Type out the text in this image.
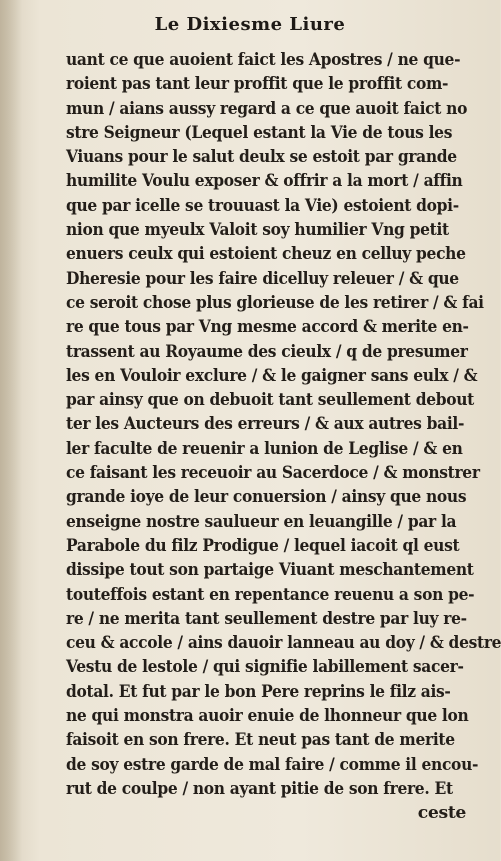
Le Dixiesme Liure
uant ce que auoient faict les Apostres / ne que-
roient pas tant leur proffit que le proffit com-
mun / aians aussy regard a ce que auoit faict no
stre Seigneur (Lequel estant la Vie de tous les
Viuans pour le salut deulx se estoit par grande
humilite Voulu exposer & offrir a la mort / affin
que par icelle se trouuast la Vie) estoient dopi-
nion que myeulx Valoit soy humilier Vng petit
enuers ceulx qui estoient cheuz en celluy peche
Dheresie pour les faire dicelluy releuer / & que
ce seroit chose plus glorieuse de les retirer / & fai
re que tous par Vng mesme accord & merite en-
trassent au Royaume des cieulx / q de presumer
les en Vouloir exclure / & le gaigner sans eulx / &
par ainsy que on debuoit tant seullement debout
ter les Aucteurs des erreurs / & aux autres bail-
ler faculte de reuenir a lunion de Leglise / & en
ce faisant les receuoir au Sacerdoce / & monstrer
grande ioye de leur conuersion / ainsy que nous
enseigne nostre saulueur en leuangille / par la
Parabole du filz Prodigue / lequel iacoit ql eust
dissipe tout son partaige Viuant meschantement
touteffois estant en repentance reuenu a son pe-
re / ne merita tant seullement destre par luy re-
ceu & accole / ains dauoir lanneau au doy / & destre
Vestu de lestole / qui signifie labillement sacer-
dotal. Et fut par le bon Pere reprins le filz ais-
ne qui monstra auoir enuie de lhonneur que lon
faisoit en son frere. Et neut pas tant de merite
de soy estre garde de mal faire / comme il encou-
rut de coulpe / non ayant pitie de son frere. Et
ceste
